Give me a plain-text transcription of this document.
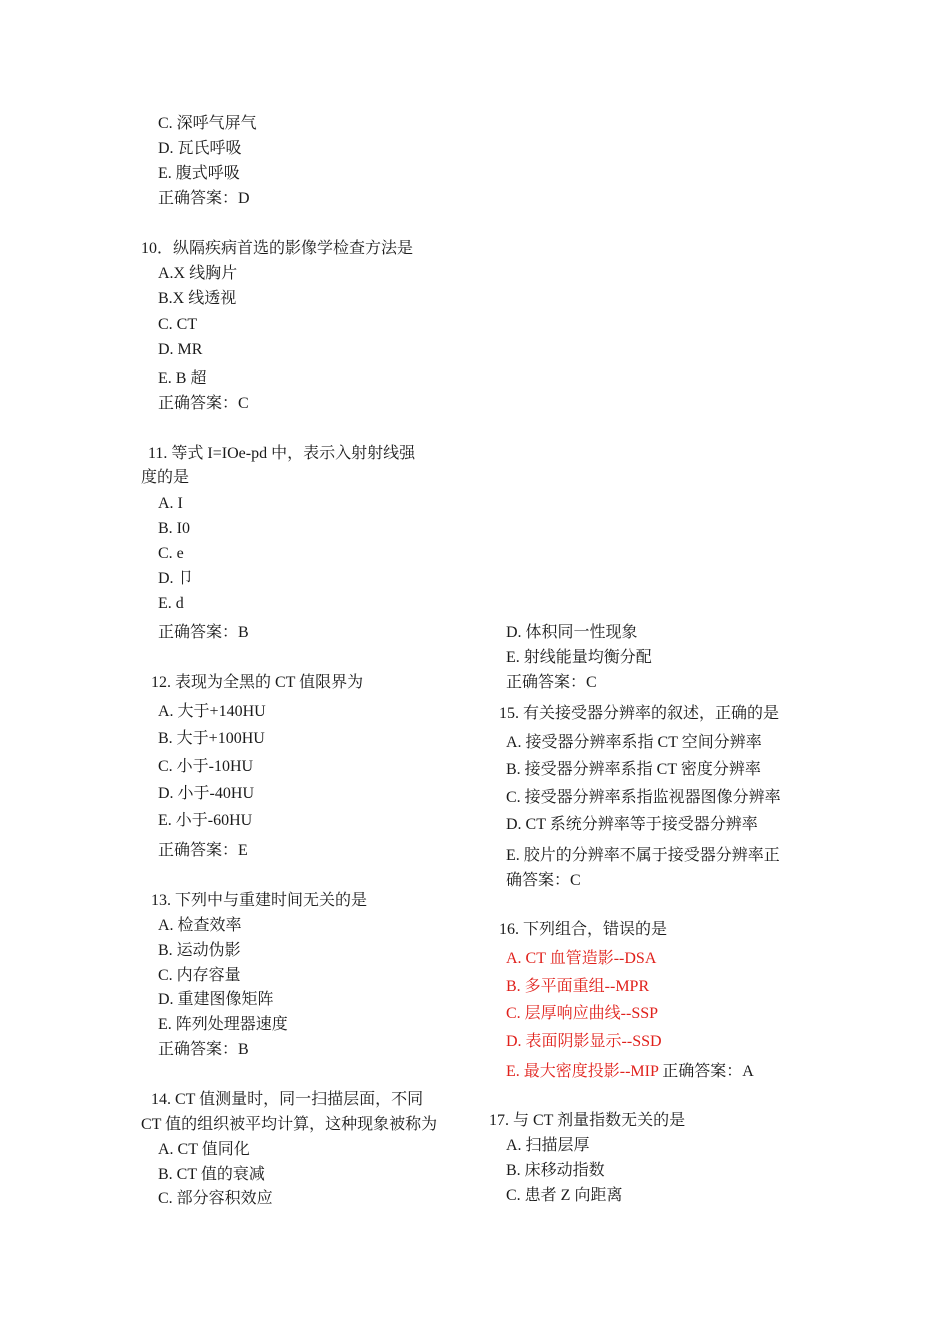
C. 深呼气屏气
D. 瓦氏呼吸
E. 腹式呼吸
正确答案：D
10．纵隔疾病首选的影像学检查方法是
A.X 线胸片
B.X 线透视
C. CT
D. MR
E. B 超
正确答案：C
11. 等式 I=IOe-pd 中，表示入射射线强
度的是
A. I
B. I0
C. e
D. 卩
E. d
正确答案：B
12. 表现为全黑的 CT 值限界为
A. 大于+140HU
B. 大于+100HU
C. 小于-10HU
D. 小于-40HU
E. 小于-60HU
正确答案：E
13. 下列中与重建时间无关的是
A. 检查效率
B. 运动伪影
C. 内存容量
D. 重建图像矩阵
E. 阵列处理器速度
正确答案：B
14. CT 值测量时，同一扫描层面，不同
CT 值的组织被平均计算，这种现象被称为
A. CT 值同化
B. CT 值的衰减
C. 部分容积效应
D. 体积同一性现象
E. 射线能量均衡分配
正确答案：C
15. 有关接受器分辨率的叙述，正确的是
A. 接受器分辨率系指 CT 空间分辨率
B. 接受器分辨率系指 CT 密度分辨率
C. 接受器分辨率系指监视器图像分辨率
D. CT 系统分辨率等于接受器分辨率
E. 胶片的分辨率不属于接受器分辨率正
确答案：C
16. 下列组合，错误的是
A. CT 血管造影--DSA
B. 多平面重组--MPR
C. 层厚响应曲线--SSP
D. 表面阴影显示--SSD
E. 最大密度投影--MIP 正确答案：A
17. 与 CT 剂量指数无关的是
A. 扫描层厚
B. 床移动指数
C. 患者 Z 向距离
